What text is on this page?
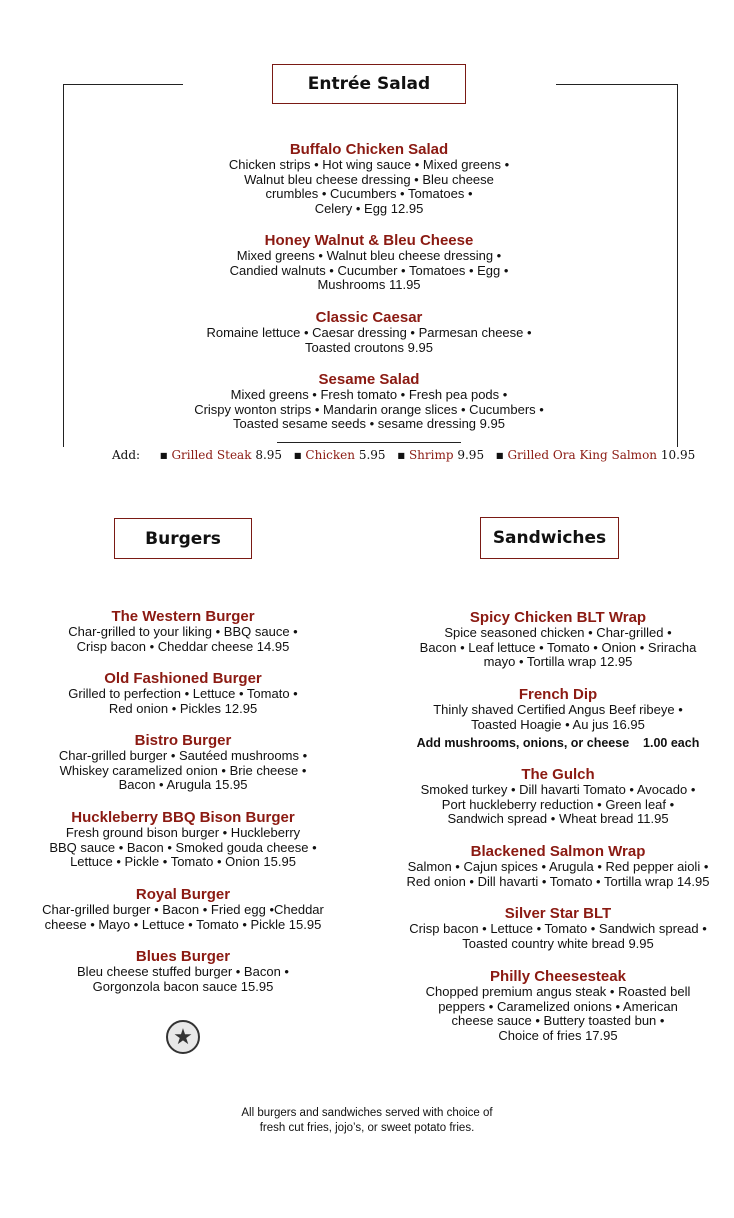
Entrée Salad
Buffalo Chicken Salad
Chicken strips • Hot wing sauce • Mixed greens •
Walnut bleu cheese dressing • Bleu cheese
crumbles • Cucumbers • Tomatoes •
Celery • Egg 12.95
Honey Walnut & Bleu Cheese
Mixed greens • Walnut bleu cheese dressing •
Candied walnuts • Cucumber • Tomatoes • Egg •
Mushrooms 11.95
Classic Caesar
Romaine lettuce • Caesar dressing • Parmesan cheese •
Toasted croutons 9.95
Sesame Salad
Mixed greens • Fresh tomato • Fresh pea pods •
Crispy wonton strips • Mandarin orange slices • Cucumbers •
Toasted sesame seeds • sesame dressing 9.95
Add: ■ Grilled Steak 8.95 ■ Chicken 5.95 ■ Shrimp 9.95 ■ Grilled Ora King Salmon 10.95
Burgers	Sandwiches
The Western Burger
Char-grilled to your liking • BBQ sauce •
Crisp bacon • Cheddar cheese 14.95
Old Fashioned Burger
Grilled to perfection • Lettuce • Tomato •
Red onion • Pickles 12.95
Bistro Burger
Char-grilled burger • Sautéed mushrooms •
Whiskey caramelized onion • Brie cheese •
Bacon • Arugula 15.95
Huckleberry BBQ Bison Burger
Fresh ground bison burger • Huckleberry
BBQ sauce • Bacon • Smoked gouda cheese •
Lettuce • Pickle • Tomato • Onion 15.95
Royal Burger
Char-grilled burger • Bacon • Fried egg •Cheddar
cheese • Mayo • Lettuce • Tomato • Pickle 15.95
Blues Burger
Bleu cheese stuffed burger • Bacon •
Gorgonzola bacon sauce 15.95
★
Spicy Chicken BLT Wrap
Spice seasoned chicken • Char-grilled •
Bacon • Leaf lettuce • Tomato • Onion • Sriracha
mayo • Tortilla wrap 12.95
French Dip
Thinly shaved Certified Angus Beef ribeye •
Toasted Hoagie • Au jus 16.95
Add mushrooms, onions, or cheese    1.00 each
The Gulch
Smoked turkey • Dill havarti Tomato • Avocado •
Port huckleberry reduction • Green leaf •
Sandwich spread • Wheat bread 11.95
Blackened Salmon Wrap
Salmon • Cajun spices • Arugula • Red pepper aioli •
Red onion • Dill havarti • Tomato • Tortilla wrap 14.95
Silver Star BLT
Crisp bacon • Lettuce • Tomato • Sandwich spread •
Toasted country white bread 9.95
Philly Cheesesteak
Chopped premium angus steak • Roasted bell
peppers • Caramelized onions • American
cheese sauce • Buttery toasted bun •
Choice of fries 17.95
All burgers and sandwiches served with choice of
fresh cut fries, jojo’s, or sweet potato fries.
